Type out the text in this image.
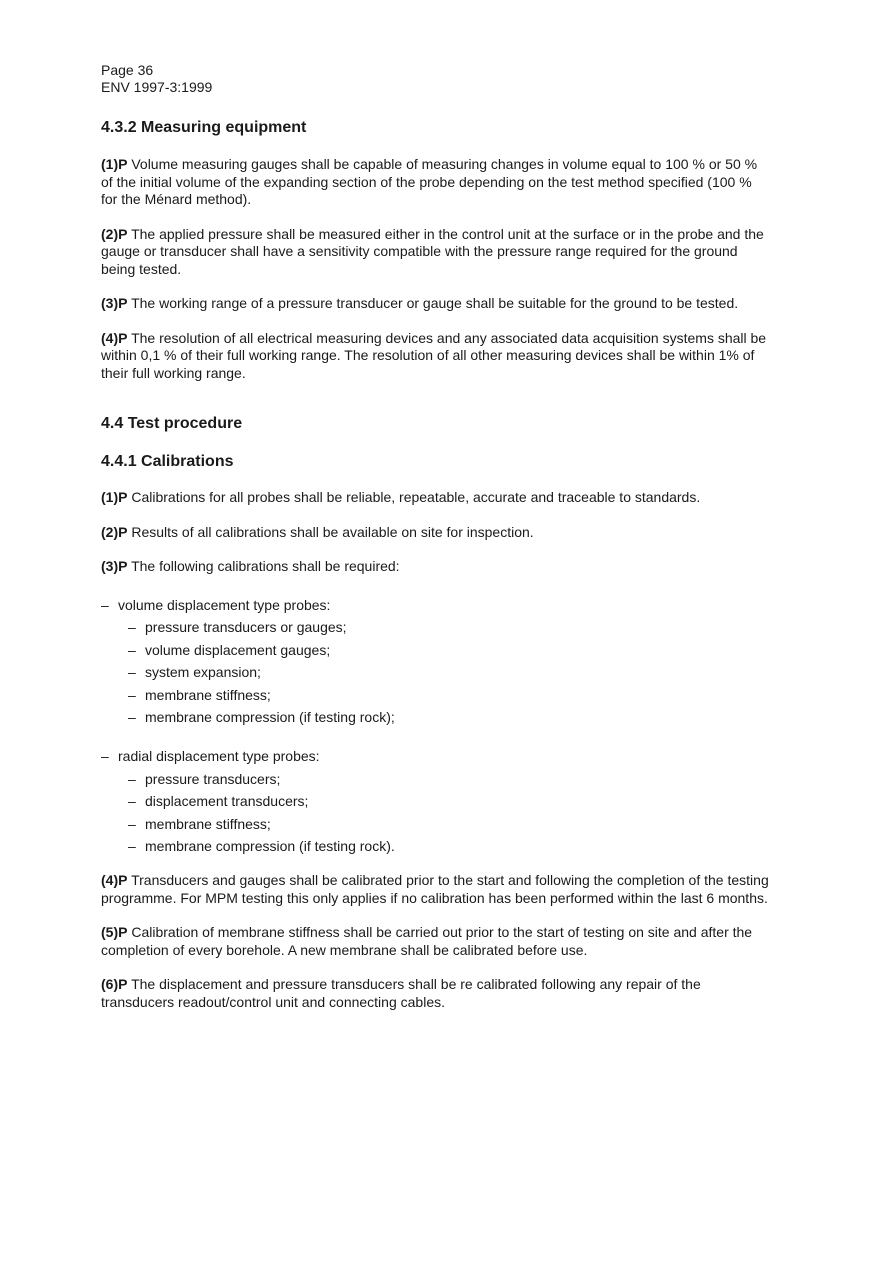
Page 36
ENV 1997-3:1999
4.3.2 Measuring equipment

(1)P Volume measuring gauges shall be capable of measuring changes in volume equal to 100 % or 50 % of the initial volume of the expanding section of the probe depending on the test method specified (100 % for the Ménard method).

(2)P The applied pressure shall be measured either in the control unit at the surface or in the probe and the gauge or transducer shall have a sensitivity compatible with the pressure range required for the ground being tested.

(3)P The working range of a pressure transducer or gauge shall be suitable for the ground to be tested.

(4)P The resolution of all electrical measuring devices and any associated data acquisition systems shall be within 0,1 % of their full working range. The resolution of all other measuring devices shall be within 1% of their full working range.

4.4 Test procedure
4.4.1 Calibrations

(1)P Calibrations for all probes shall be reliable, repeatable, accurate and traceable to standards.

(2)P Results of all calibrations shall be available on site for inspection.

(3)P The following calibrations shall be required:

– volume displacement type probes:
– pressure transducers or gauges;
– volume displacement gauges;
– system expansion;
– membrane stiffness;
– membrane compression (if testing rock);
– radial displacement type probes:
– pressure transducers;
– displacement transducers;
– membrane stiffness;
– membrane compression (if testing rock).

(4)P Transducers and gauges shall be calibrated prior to the start and following the completion of the testing programme. For MPM testing this only applies if no calibration has been performed within the last 6 months.

(5)P Calibration of membrane stiffness shall be carried out prior to the start of testing on site and after the completion of every borehole. A new membrane shall be calibrated before use.

(6)P The displacement and pressure transducers shall be re calibrated following any repair of the transducers readout/control unit and connecting cables.
